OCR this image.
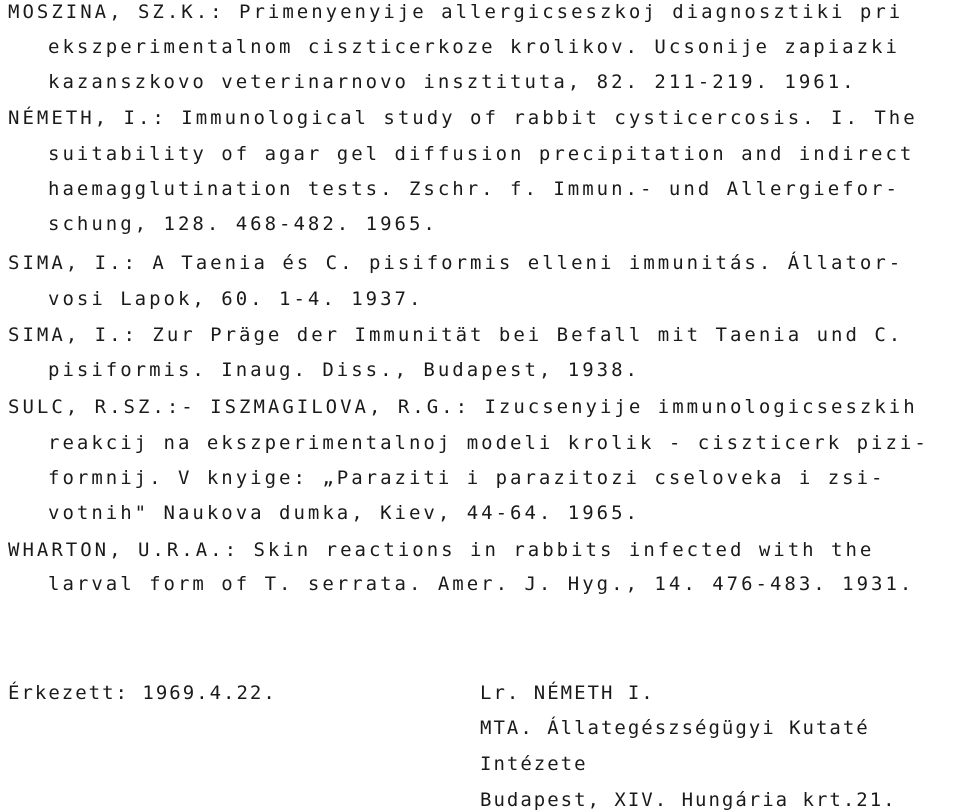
MOSZINA, SZ.K.: Primenyenyije allergicseszkoj diagnosztiki pri
ekszperimentalnom ciszticerkoze krolikov. Ucsonije zapiazki
kazanszkovo veterinarnovo insztituta, 82. 211-219. 1961.
NÉMETH, I.: Immunological study of rabbit cysticercosis. I. The
suitability of agar gel diffusion precipitation and indirect
haemagglutination tests. Zschr. f. Immun.- und Allergiefor-
schung, 128. 468-482. 1965.
SIMA, I.: A Taenia és C. pisiformis elleni immunitás. Állator-
vosi Lapok, 60. 1-4. 1937.
SIMA, I.: Zur Präge der Immunität bei Befall mit Taenia und C.
pisiformis. Inaug. Diss., Budapest, 1938.
SULC, R.SZ.:- ISZMAGILOVA, R.G.: Izucsenyije immunologicseszkih
reakcij na ekszperimentalnoj modeli krolik - ciszticerk pizi-
formnij. V knyige: „Paraziti i parazitozi cseloveka i zsi-
votnih" Naukova dumka, Kiev, 44-64. 1965.
WHARTON, U.R.A.: Skin reactions in rabbits infected with the
larval form of T. serrata. Amer. J. Hyg., 14. 476-483. 1931.
Érkezett: 1969.4.22.	Lr. NÉMETH I.
MTA. Állategészségügyi Kutaté
Intézete
Budapest, XIV. Hungária krt.21.
